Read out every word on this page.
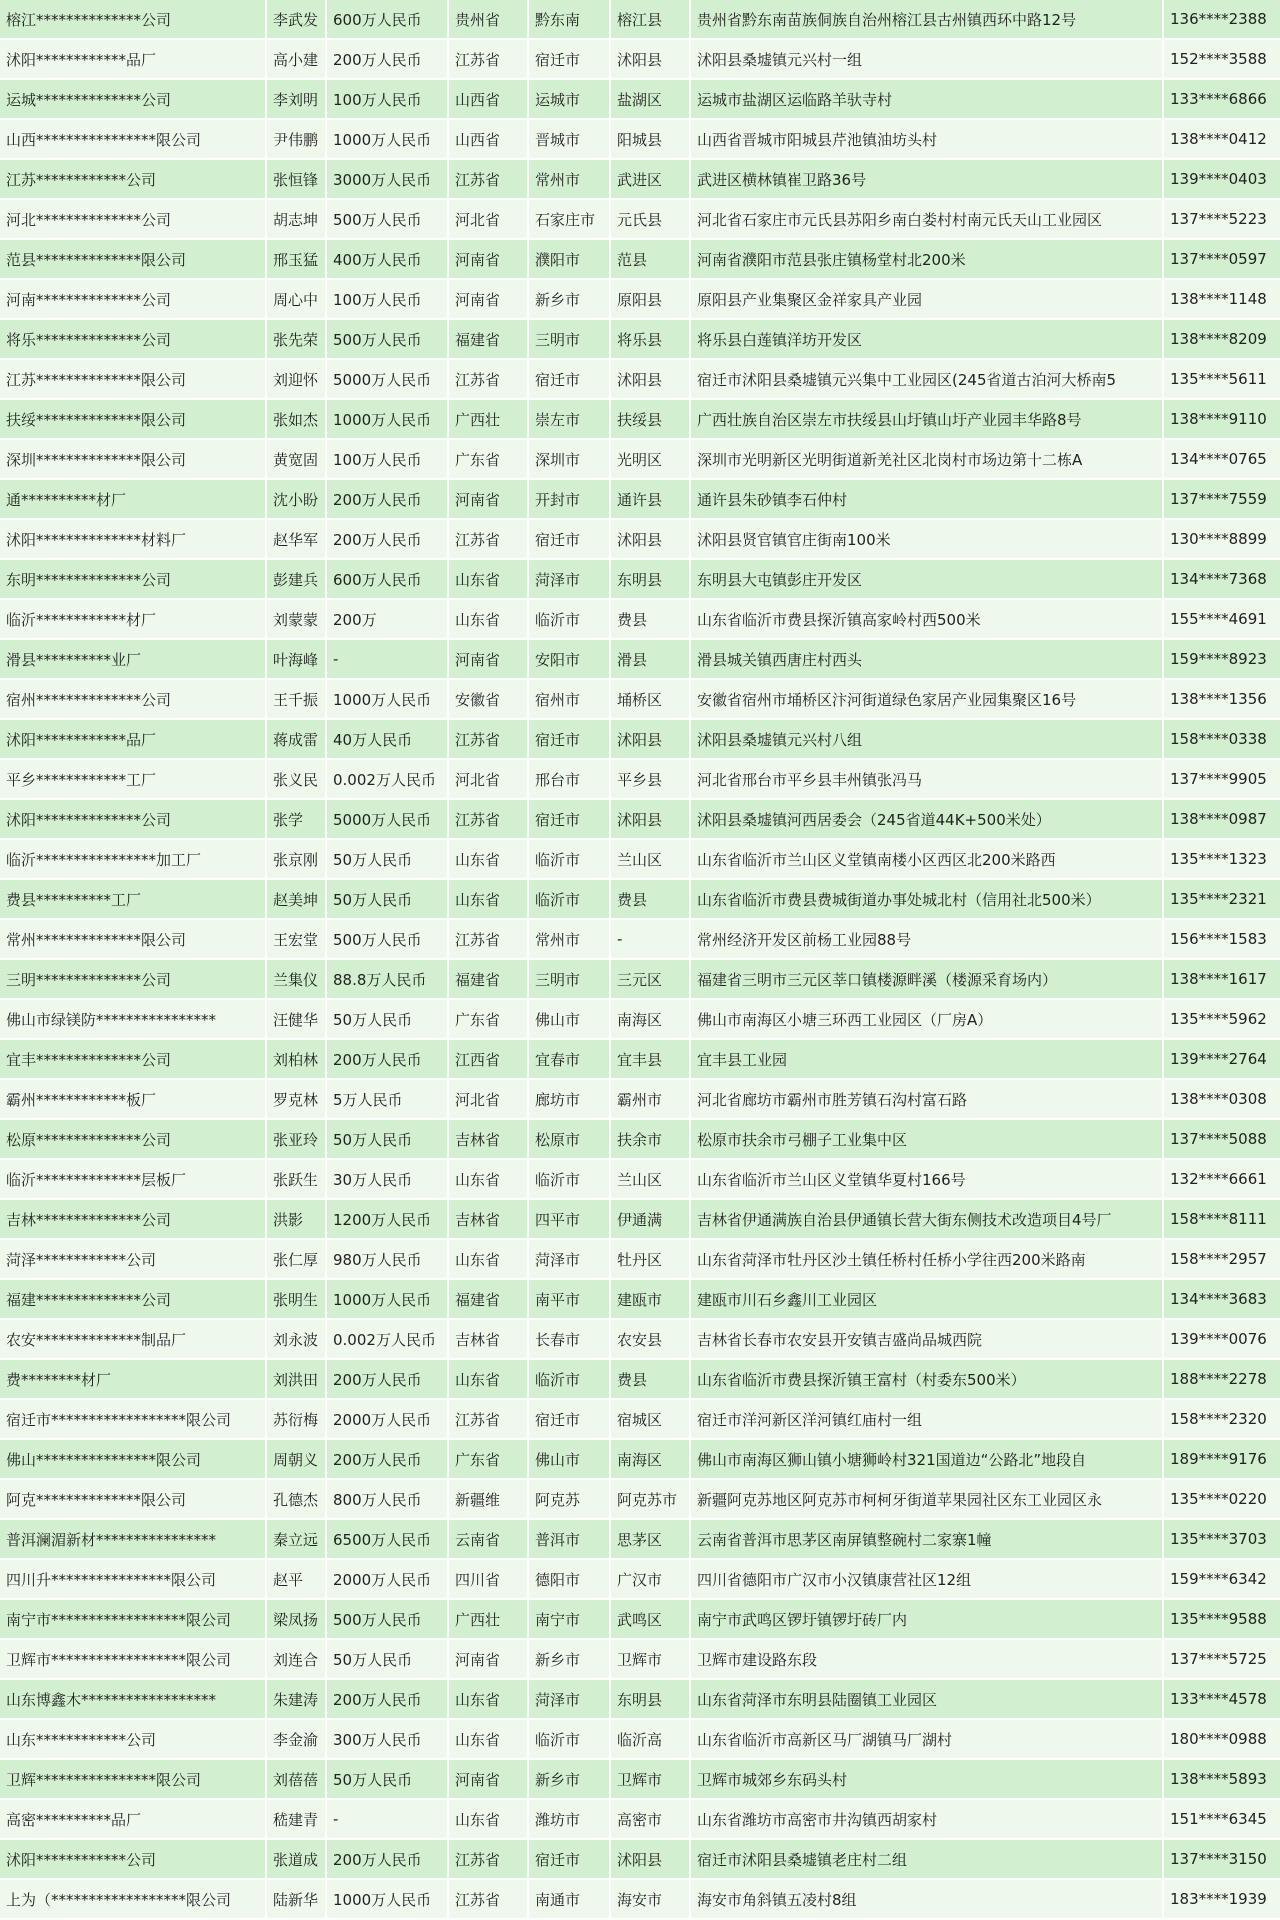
榕江**************公司	李武发	600万人民币	贵州省	黔东南	榕江县	贵州省黔东南苗族侗族自治州榕江县古州镇西环中路12号	136****2388
沭阳************品厂	高小建	200万人民币	江苏省	宿迁市	沭阳县	沭阳县桑墟镇元兴村一组	152****3588
运城**************公司	李刘明	100万人民币	山西省	运城市	盐湖区	运城市盐湖区运临路羊驮寺村	133****6866
山西****************限公司	尹伟鹏	1000万人民币	山西省	晋城市	阳城县	山西省晋城市阳城县芹池镇油坊头村	138****0412
江苏************公司	张恒锋	3000万人民币	江苏省	常州市	武进区	武进区横林镇崔卫路36号	139****0403
河北**************公司	胡志坤	500万人民币	河北省	石家庄市	元氏县	河北省石家庄市元氏县苏阳乡南白娄村村南元氏天山工业园区	137****5223
范县**************限公司	邢玉猛	400万人民币	河南省	濮阳市	范县	河南省濮阳市范县张庄镇杨堂村北200米	137****0597
河南**************公司	周心中	100万人民币	河南省	新乡市	原阳县	原阳县产业集聚区金祥家具产业园	138****1148
将乐**************公司	张先荣	500万人民币	福建省	三明市	将乐县	将乐县白莲镇洋坊开发区	138****8209
江苏**************限公司	刘迎怀	5000万人民币	江苏省	宿迁市	沭阳县	宿迁市沭阳县桑墟镇元兴集中工业园区(245省道古泊河大桥南5	135****5611
扶绥**************限公司	张如杰	1000万人民币	广西壮	崇左市	扶绥县	广西壮族自治区崇左市扶绥县山圩镇山圩产业园丰华路8号	138****9110
深圳**************限公司	黄宽固	100万人民币	广东省	深圳市	光明区	深圳市光明新区光明街道新羌社区北岗村市场边第十二栋A	134****0765
通**********材厂	沈小盼	200万人民币	河南省	开封市	通许县	通许县朱砂镇李石仲村	137****7559
沭阳**************材料厂	赵华军	200万人民币	江苏省	宿迁市	沭阳县	沭阳县贤官镇官庄街南100米	130****8899
东明**************公司	彭建兵	600万人民币	山东省	菏泽市	东明县	东明县大屯镇彭庄开发区	134****7368
临沂************材厂	刘蒙蒙	200万	山东省	临沂市	费县	山东省临沂市费县探沂镇高家岭村西500米	155****4691
滑县**********业厂	叶海峰	-	河南省	安阳市	滑县	滑县城关镇西唐庄村西头	159****8923
宿州**************公司	王千振	1000万人民币	安徽省	宿州市	埇桥区	安徽省宿州市埇桥区汴河街道绿色家居产业园集聚区16号	138****1356
沭阳************品厂	蒋成雷	40万人民币	江苏省	宿迁市	沭阳县	沭阳县桑墟镇元兴村八组	158****0338
平乡************工厂	张义民	0.002万人民币	河北省	邢台市	平乡县	河北省邢台市平乡县丰州镇张冯马	137****9905
沭阳**************公司	张学	5000万人民币	江苏省	宿迁市	沭阳县	沭阳县桑墟镇河西居委会（245省道44K+500米处）	138****0987
临沂****************加工厂	张京刚	50万人民币	山东省	临沂市	兰山区	山东省临沂市兰山区义堂镇南楼小区西区北200米路西	135****1323
费县**********工厂	赵美坤	50万人民币	山东省	临沂市	费县	山东省临沂市费县费城街道办事处城北村（信用社北500米）	135****2321
常州**************限公司	王宏堂	500万人民币	江苏省	常州市	-	常州经济开发区前杨工业园88号	156****1583
三明**************公司	兰集仪	88.8万人民币	福建省	三明市	三元区	福建省三明市三元区莘口镇楼源畔溪（楼源采育场内）	138****1617
佛山市绿镁防****************	汪健华	50万人民币	广东省	佛山市	南海区	佛山市南海区小塘三环西工业园区（厂房A）	135****5962
宜丰**************公司	刘柏林	200万人民币	江西省	宜春市	宜丰县	宜丰县工业园	139****2764
霸州************板厂	罗克林	5万人民币	河北省	廊坊市	霸州市	河北省廊坊市霸州市胜芳镇石沟村富石路	138****0308
松原**************公司	张亚玲	50万人民币	吉林省	松原市	扶余市	松原市扶余市弓棚子工业集中区	137****5088
临沂**************层板厂	张跃生	30万人民币	山东省	临沂市	兰山区	山东省临沂市兰山区义堂镇华夏村166号	132****6661
吉林**************公司	洪影	1200万人民币	吉林省	四平市	伊通满	吉林省伊通满族自治县伊通镇长营大街东侧技术改造项目4号厂	158****8111
菏泽************公司	张仁厚	980万人民币	山东省	菏泽市	牡丹区	山东省菏泽市牡丹区沙土镇任桥村任桥小学往西200米路南	158****2957
福建**************公司	张明生	1000万人民币	福建省	南平市	建瓯市	建瓯市川石乡鑫川工业园区	134****3683
农安**************制品厂	刘永波	0.002万人民币	吉林省	长春市	农安县	吉林省长春市农安县开安镇吉盛尚品城西院	139****0076
费********材厂	刘洪田	200万人民币	山东省	临沂市	费县	山东省临沂市费县探沂镇王富村（村委东500米）	188****2278
宿迁市******************限公司	苏衍梅	2000万人民币	江苏省	宿迁市	宿城区	宿迁市洋河新区洋河镇红庙村一组	158****2320
佛山****************限公司	周朝义	200万人民币	广东省	佛山市	南海区	佛山市南海区狮山镇小塘狮岭村321国道边“公路北”地段自	189****9176
阿克**************限公司	孔德杰	800万人民币	新疆维	阿克苏	阿克苏市	新疆阿克苏地区阿克苏市柯柯牙街道苹果园社区东工业园区永	135****0220
普洱澜湄新材****************	秦立远	6500万人民币	云南省	普洱市	思茅区	云南省普洱市思茅区南屏镇整碗村二家寨1幢	135****3703
四川升****************限公司	赵平	2000万人民币	四川省	德阳市	广汉市	四川省德阳市广汉市小汉镇康营社区12组	159****6342
南宁市******************限公司	梁凤扬	500万人民币	广西壮	南宁市	武鸣区	南宁市武鸣区锣圩镇锣圩砖厂内	135****9588
卫辉市******************限公司	刘连合	50万人民币	河南省	新乡市	卫辉市	卫辉市建设路东段	137****5725
山东博鑫木******************	朱建涛	200万人民币	山东省	菏泽市	东明县	山东省菏泽市东明县陆圈镇工业园区	133****4578
山东************公司	李金渝	300万人民币	山东省	临沂市	临沂高	山东省临沂市高新区马厂湖镇马厂湖村	180****0988
卫辉****************限公司	刘蓓蓓	50万人民币	河南省	新乡市	卫辉市	卫辉市城郊乡东码头村	138****5893
高密**********品厂	嵇建青	-	山东省	潍坊市	高密市	山东省潍坊市高密市井沟镇西胡家村	151****6345
沭阳************公司	张道成	200万人民币	江苏省	宿迁市	沭阳县	宿迁市沭阳县桑墟镇老庄村二组	137****3150
上为（******************限公司	陆新华	1000万人民币	江苏省	南通市	海安市	海安市角斜镇五凌村8组	183****1939
